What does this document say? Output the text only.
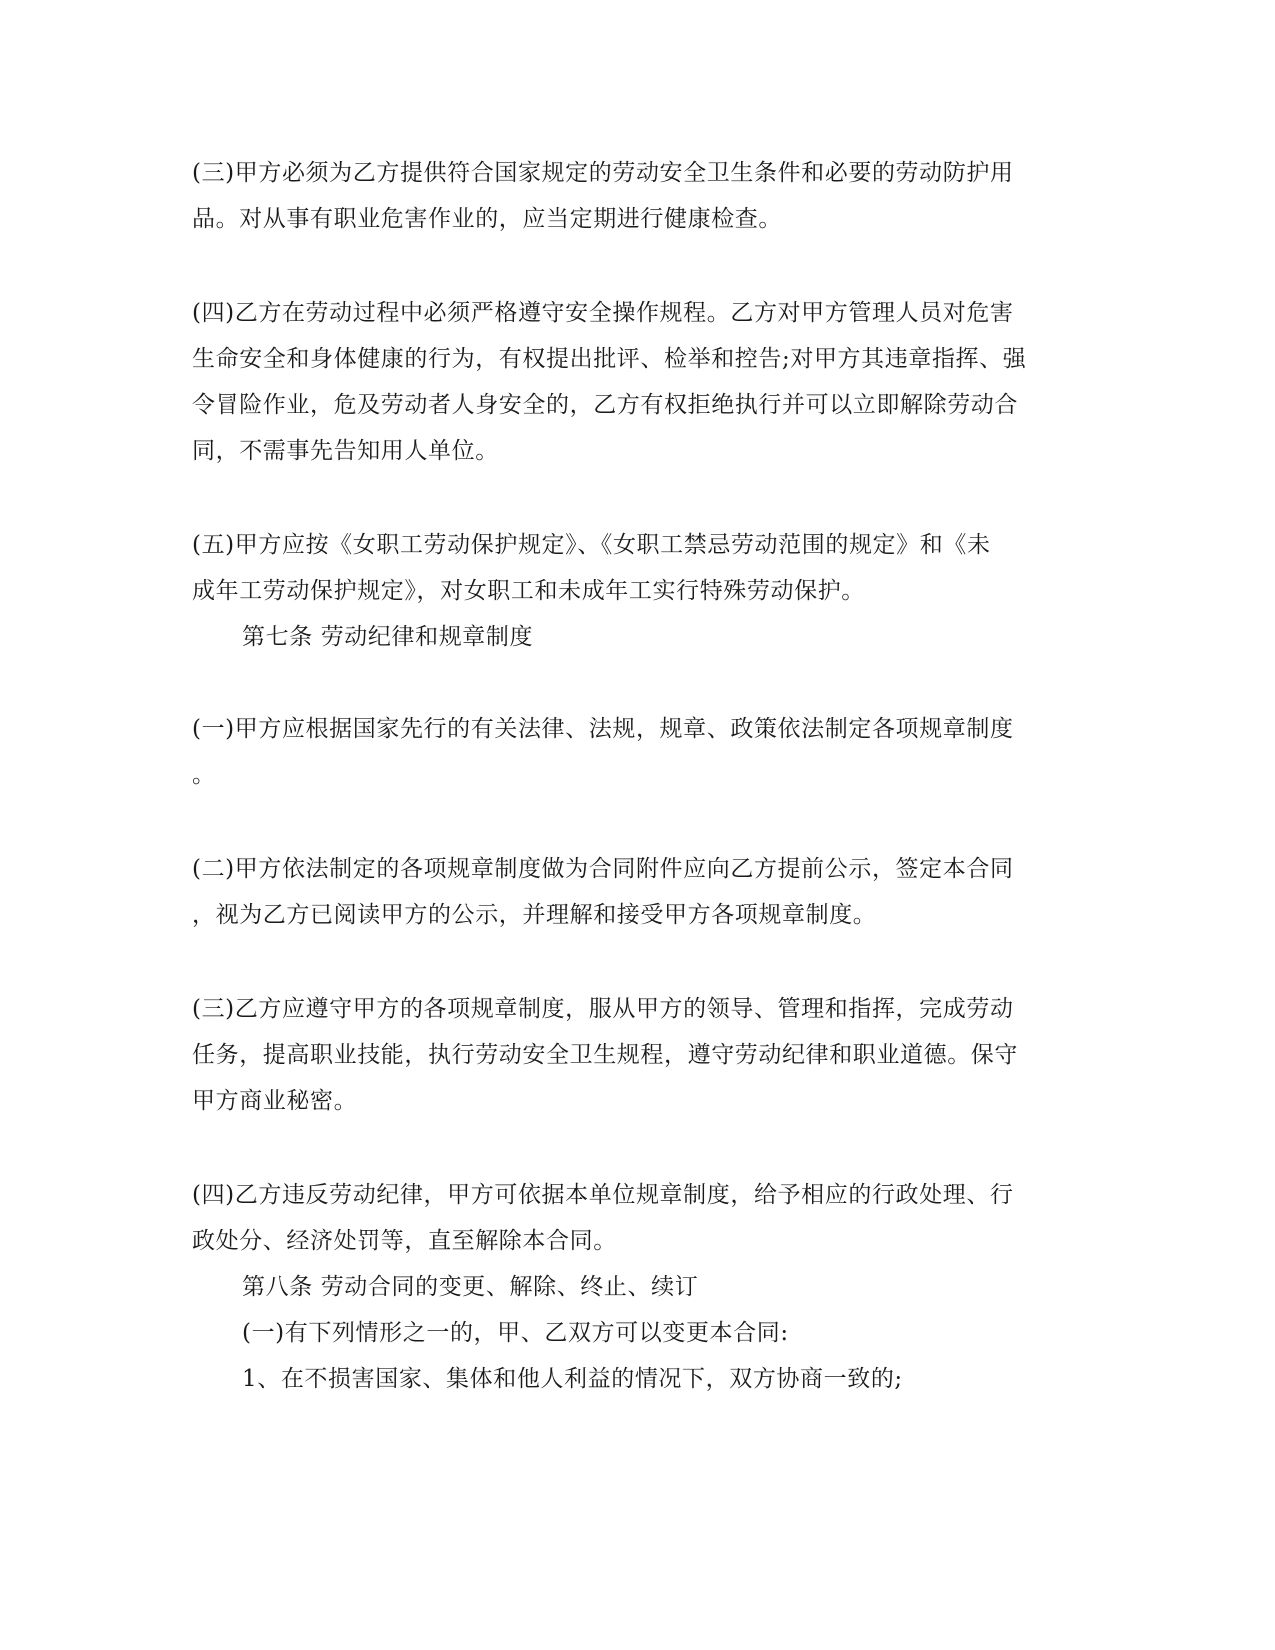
(三)甲方必须为乙方提供符合国家规定的劳动安全卫生条件和必要的劳动防护用
品。对从事有职业危害作业的，应当定期进行健康检查。
(四)乙方在劳动过程中必须严格遵守安全操作规程。乙方对甲方管理人员对危害
生命安全和身体健康的行为，有权提出批评、检举和控告;对甲方其违章指挥、强
令冒险作业，危及劳动者人身安全的，乙方有权拒绝执行并可以立即解除劳动合
同，不需事先告知用人单位。
(五)甲方应按《女职工劳动保护规定》、《女职工禁忌劳动范围的规定》和《未
成年工劳动保护规定》，对女职工和未成年工实行特殊劳动保护。
第七条 劳动纪律和规章制度
(一)甲方应根据国家先行的有关法律、法规，规章、政策依法制定各项规章制度
。
(二)甲方依法制定的各项规章制度做为合同附件应向乙方提前公示，签定本合同
，视为乙方已阅读甲方的公示，并理解和接受甲方各项规章制度。
(三)乙方应遵守甲方的各项规章制度，服从甲方的领导、管理和指挥，完成劳动
任务，提高职业技能，执行劳动安全卫生规程，遵守劳动纪律和职业道德。保守
甲方商业秘密。
(四)乙方违反劳动纪律，甲方可依据本单位规章制度，给予相应的行政处理、行
政处分、经济处罚等，直至解除本合同。
第八条 劳动合同的变更、解除、终止、续订
(一)有下列情形之一的，甲、乙双方可以变更本合同:
1、在不损害国家、集体和他人利益的情况下，双方协商一致的;
